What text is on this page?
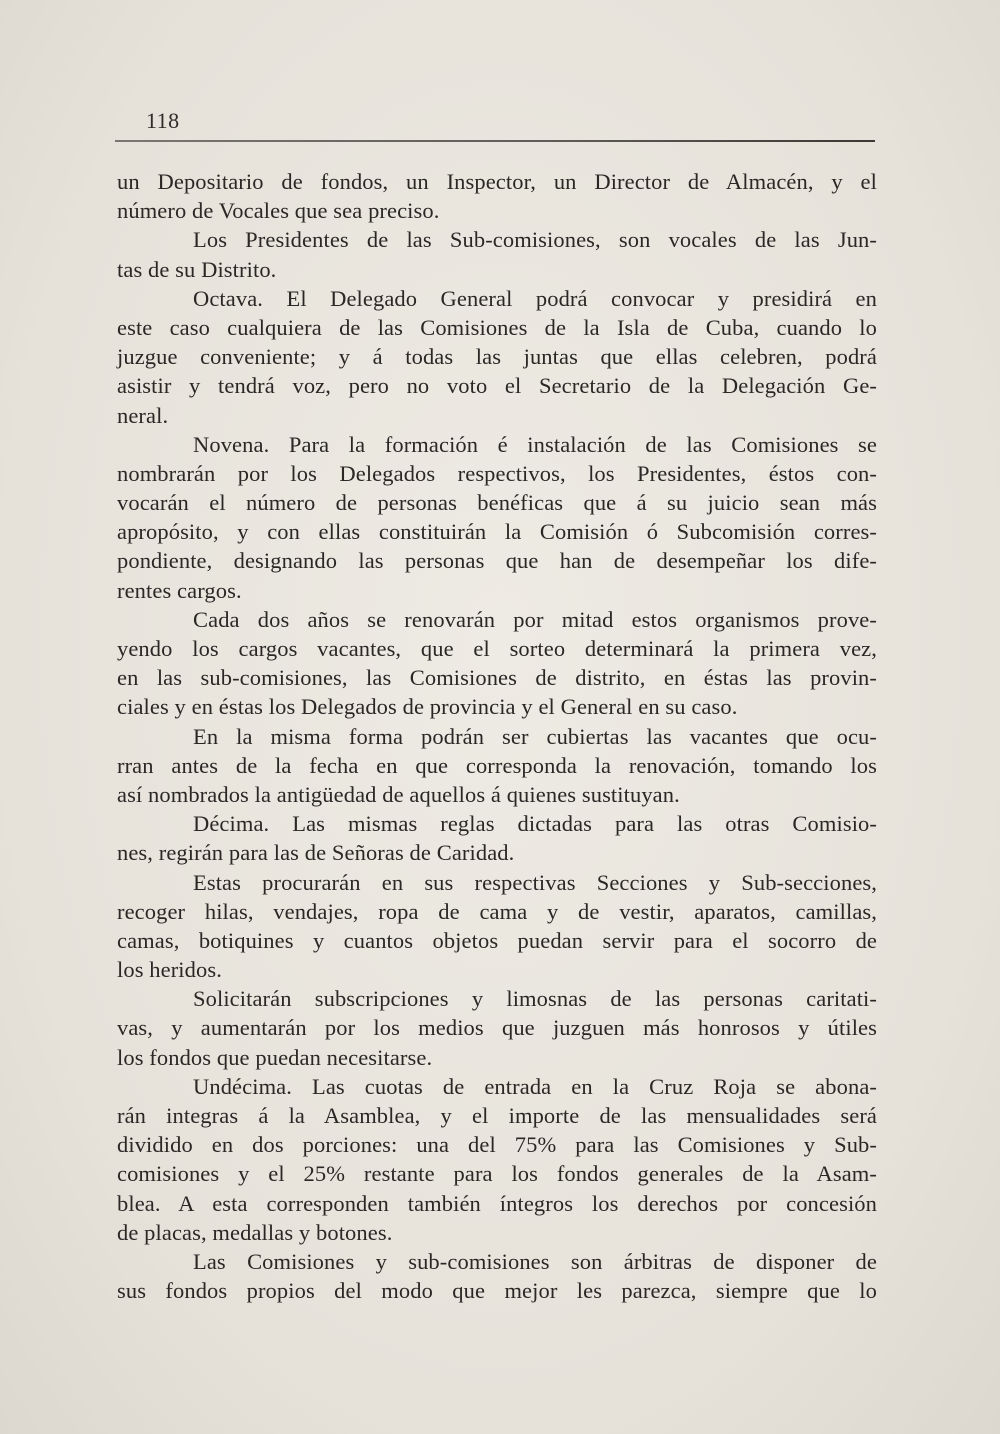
118
un Depositario de fondos, un Inspector, un Director de Almacén, y el
número de Vocales que sea preciso.
Los Presidentes de las Sub-comisiones, son vocales de las Jun-
tas de su Distrito.
Octava. El Delegado General podrá convocar y presidirá en
este caso cualquiera de las Comisiones de la Isla de Cuba, cuando lo
juzgue conveniente; y á todas las juntas que ellas celebren, podrá
asistir y tendrá voz, pero no voto el Secretario de la Delegación Ge-
neral.
Novena. Para la formación é instalación de las Comisiones se
nombrarán por los Delegados respectivos, los Presidentes, éstos con-
vocarán el número de personas benéficas que á su juicio sean más
apropósito, y con ellas constituirán la Comisión ó Subcomisión corres-
pondiente, designando las personas que han de desempeñar los dife-
rentes cargos.
Cada dos años se renovarán por mitad estos organismos prove-
yendo los cargos vacantes, que el sorteo determinará la primera vez,
en las sub-comisiones, las Comisiones de distrito, en éstas las provin-
ciales y en éstas los Delegados de provincia y el General en su caso.
En la misma forma podrán ser cubiertas las vacantes que ocu-
rran antes de la fecha en que corresponda la renovación, tomando los
así nombrados la antigüedad de aquellos á quienes sustituyan.
Décima. Las mismas reglas dictadas para las otras Comisio-
nes, regirán para las de Señoras de Caridad.
Estas procurarán en sus respectivas Secciones y Sub-secciones,
recoger hilas, vendajes, ropa de cama y de vestir, aparatos, camillas,
camas, botiquines y cuantos objetos puedan servir para el socorro de
los heridos.
Solicitarán subscripciones y limosnas de las personas caritati-
vas, y aumentarán por los medios que juzguen más honrosos y útiles
los fondos que puedan necesitarse.
Undécima. Las cuotas de entrada en la Cruz Roja se abona-
rán integras á la Asamblea, y el importe de las mensualidades será
dividido en dos porciones: una del 75% para las Comisiones y Sub-
comisiones y el 25% restante para los fondos generales de la Asam-
blea. A esta corresponden también íntegros los derechos por concesión
de placas, medallas y botones.
Las Comisiones y sub-comisiones son árbitras de disponer de
sus fondos propios del modo que mejor les parezca, siempre que lo
